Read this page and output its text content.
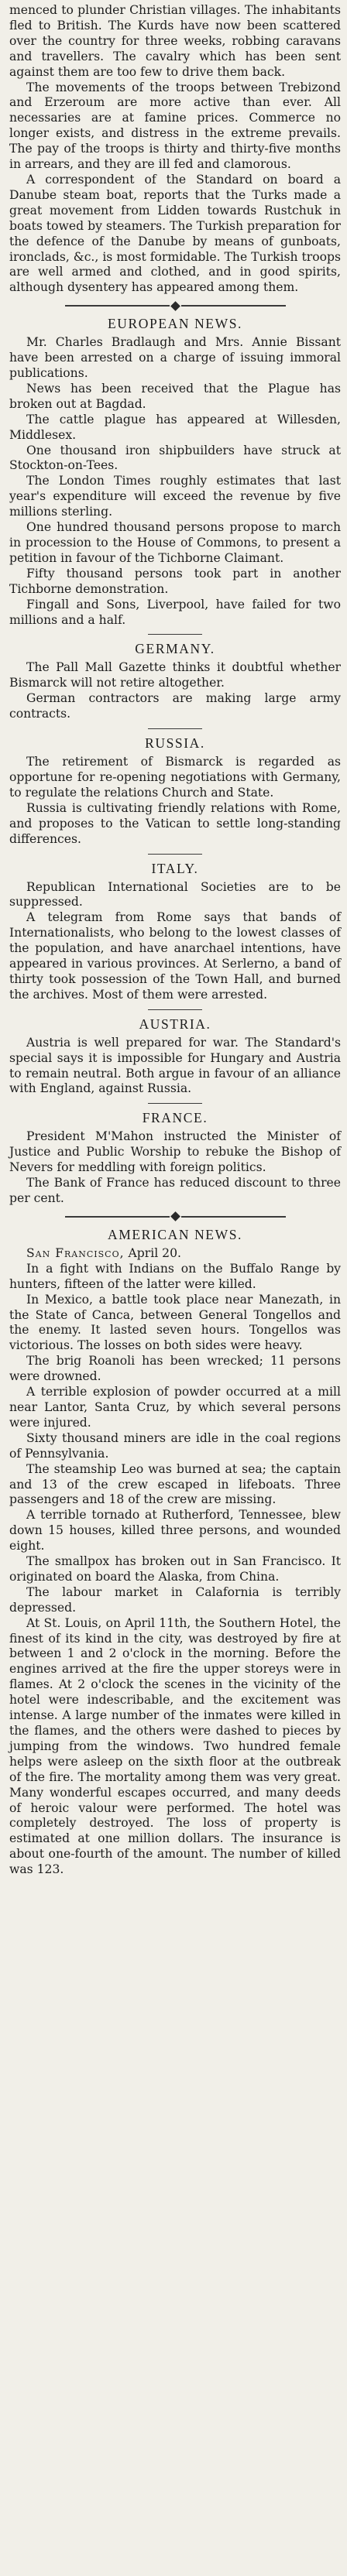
menced to plunder Christian villages. The inhabitants fled to British. The Kurds have now been scattered over the country for three weeks, robbing caravans and travellers. The cavalry which has been sent against them are too few to drive them back.

The movements of the troops between Trebizond and Erzeroum are more active than ever. All necessaries are at famine prices. Commerce no longer exists, and distress in the extreme prevails. The pay of the troops is thirty and thirty-five months in arrears, and they are ill fed and clamorous.

A correspondent of the Standard on board a Danube steam boat, reports that the Turks made a great movement from Lidden towards Rustchuk in boats towed by steamers. The Turkish preparation for the defence of the Danube by means of gunboats, ironclads, &c., is most formidable. The Turkish troops are well armed and clothed, and in good spirits, although dysentery has appeared among them.

EUROPEAN NEWS.

Mr. Charles Bradlaugh and Mrs. Annie Bissant have been arrested on a charge of issuing immoral publications.

News has been received that the Plague has broken out at Bagdad.

The cattle plague has appeared at Willesden, Middlesex.

One thousand iron shipbuilders have struck at Stockton-on-Tees.

The London Times roughly estimates that last year's expenditure will exceed the revenue by five millions sterling.

One hundred thousand persons propose to march in procession to the House of Commons, to present a petition in favour of the Tichborne Claimant.

Fifty thousand persons took part in another Tichborne demonstration.

Fingall and Sons, Liverpool, have failed for two millions and a half.

GERMANY.

The Pall Mall Gazette thinks it doubtful whether Bismarck will not retire altogether.

German contractors are making large army contracts.

RUSSIA.

The retirement of Bismarck is regarded as opportune for re-opening negotiations with Germany, to regulate the relations Church and State.

Russia is cultivating friendly relations with Rome, and proposes to the Vatican to settle long-standing differences.

ITALY.

Republican International Societies are to be suppressed.

A telegram from Rome says that bands of Internationalists, who belong to the lowest classes of the population, and have anarchael intentions, have appeared in various provinces. At Serlerno, a band of thirty took possession of the Town Hall, and burned the archives. Most of them were arrested.

AUSTRIA.

Austria is well prepared for war. The Standard's special says it is impossible for Hungary and Austria to remain neutral. Both argue in favour of an alliance with England, against Russia.

FRANCE.

President M'Mahon instructed the Minister of Justice and Public Worship to rebuke the Bishop of Nevers for meddling with foreign politics.

The Bank of France has reduced discount to three per cent.

AMERICAN NEWS.

San Francisco, April 20.

In a fight with Indians on the Buffalo Range by hunters, fifteen of the latter were killed.

In Mexico, a battle took place near Manezath, in the State of Canca, between General Tongellos and the enemy. It lasted seven hours. Tongellos was victorious. The losses on both sides were heavy.

The brig Roanoli has been wrecked; 11 persons were drowned.

A terrible explosion of powder occurred at a mill near Lantor, Santa Cruz, by which several persons were injured.

Sixty thousand miners are idle in the coal regions of Pennsylvania.

The steamship Leo was burned at sea; the captain and 13 of the crew escaped in lifeboats. Three passengers and 18 of the crew are missing.

A terrible tornado at Rutherford, Tennessee, blew down 15 houses, killed three persons, and wounded eight.

The smallpox has broken out in San Francisco. It originated on board the Alaska, from China.

The labour market in Calafornia is terribly depressed.

At St. Louis, on April 11th, the Southern Hotel, the finest of its kind in the city, was destroyed by fire at between 1 and 2 o'clock in the morning. Before the engines arrived at the fire the upper storeys were in flames. At 2 o'clock the scenes in the vicinity of the hotel were indescribable, and the excitement was intense. A large number of the inmates were killed in the flames, and the others were dashed to pieces by jumping from the windows. Two hundred female helps were asleep on the sixth floor at the outbreak of the fire. The mortality among them was very great. Many wonderful escapes occurred, and many deeds of heroic valour were performed. The hotel was completely destroyed. The loss of property is estimated at one million dollars. The insurance is about one-fourth of the amount. The number of killed was 123.
